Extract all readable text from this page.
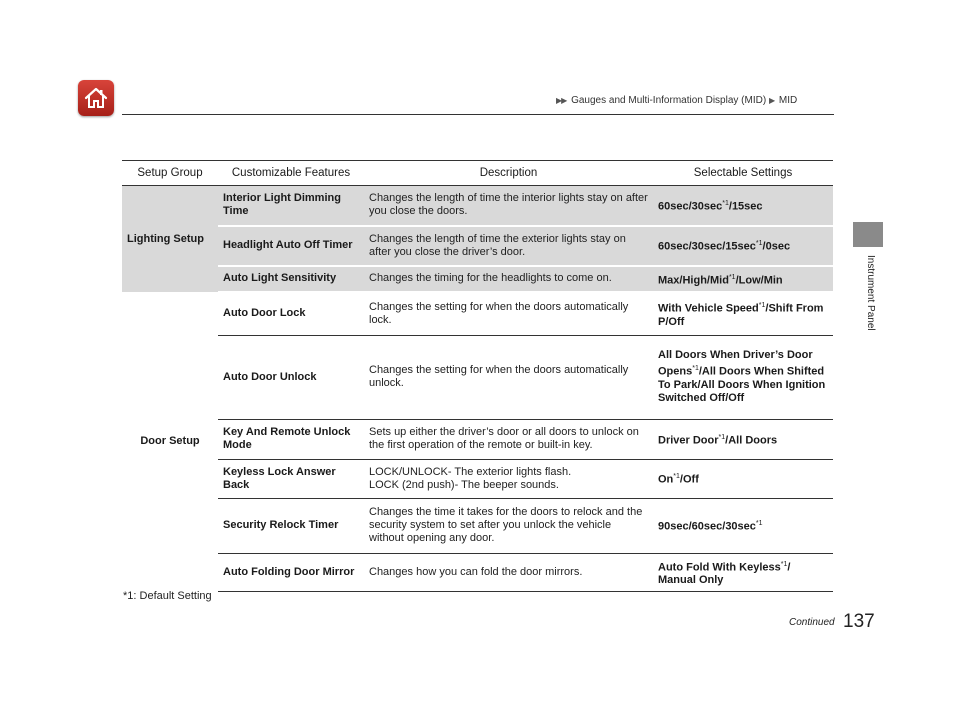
▶▶ Gauges and Multi-Information Display (MID) ▶ MID
Instrument Panel
Setup Group	Customizable Features	Description	Selectable Settings
Lighting Setup	Interior Light Dimming Time	Changes the length of time the interior lights stay on after you close the doors.	$60\sec/30\sec^{*1}/15\sec$
	Headlight Auto Off Timer	Changes the length of time the exterior lights stay on after you close the driver’s door.	$60\sec/30\sec/15\sec^{*1}/0\sec$
	Auto Light Sensitivity	Changes the timing for the headlights to come on.	Max/High/Mid$^{*1}$/Low/Min
Door Setup	Auto Door Lock	Changes the setting for when the doors automatically lock.	With Vehicle Speed$^{*1}$/Shift From P/Off
	Auto Door Unlock	Changes the setting for when the doors automatically unlock.	All Doors When Driver’s Door Opens$^{*1}$/All Doors When Shifted To Park/All Doors When Ignition Switched Off/Off
	Key And Remote Unlock Mode	Sets up either the driver’s door or all doors to unlock on the first operation of the remote or built-in key.	Driver Door$^{*1}$/All Doors
	Keyless Lock Answer Back	LOCK/UNLOCK- The exterior lights flash.
LOCK (2nd push)- The beeper sounds.	On$^{*1}$/Off
	Security Relock Timer	Changes the time it takes for the doors to relock and the security system to set after you unlock the vehicle without opening any door.	$90\sec/60\sec/30\sec^{*1}$
	Auto Folding Door Mirror	Changes how you can fold the door mirrors.	Auto Fold With Keyless$^{*1}$/
Manual Only
*1: Default Setting
Continued 137
